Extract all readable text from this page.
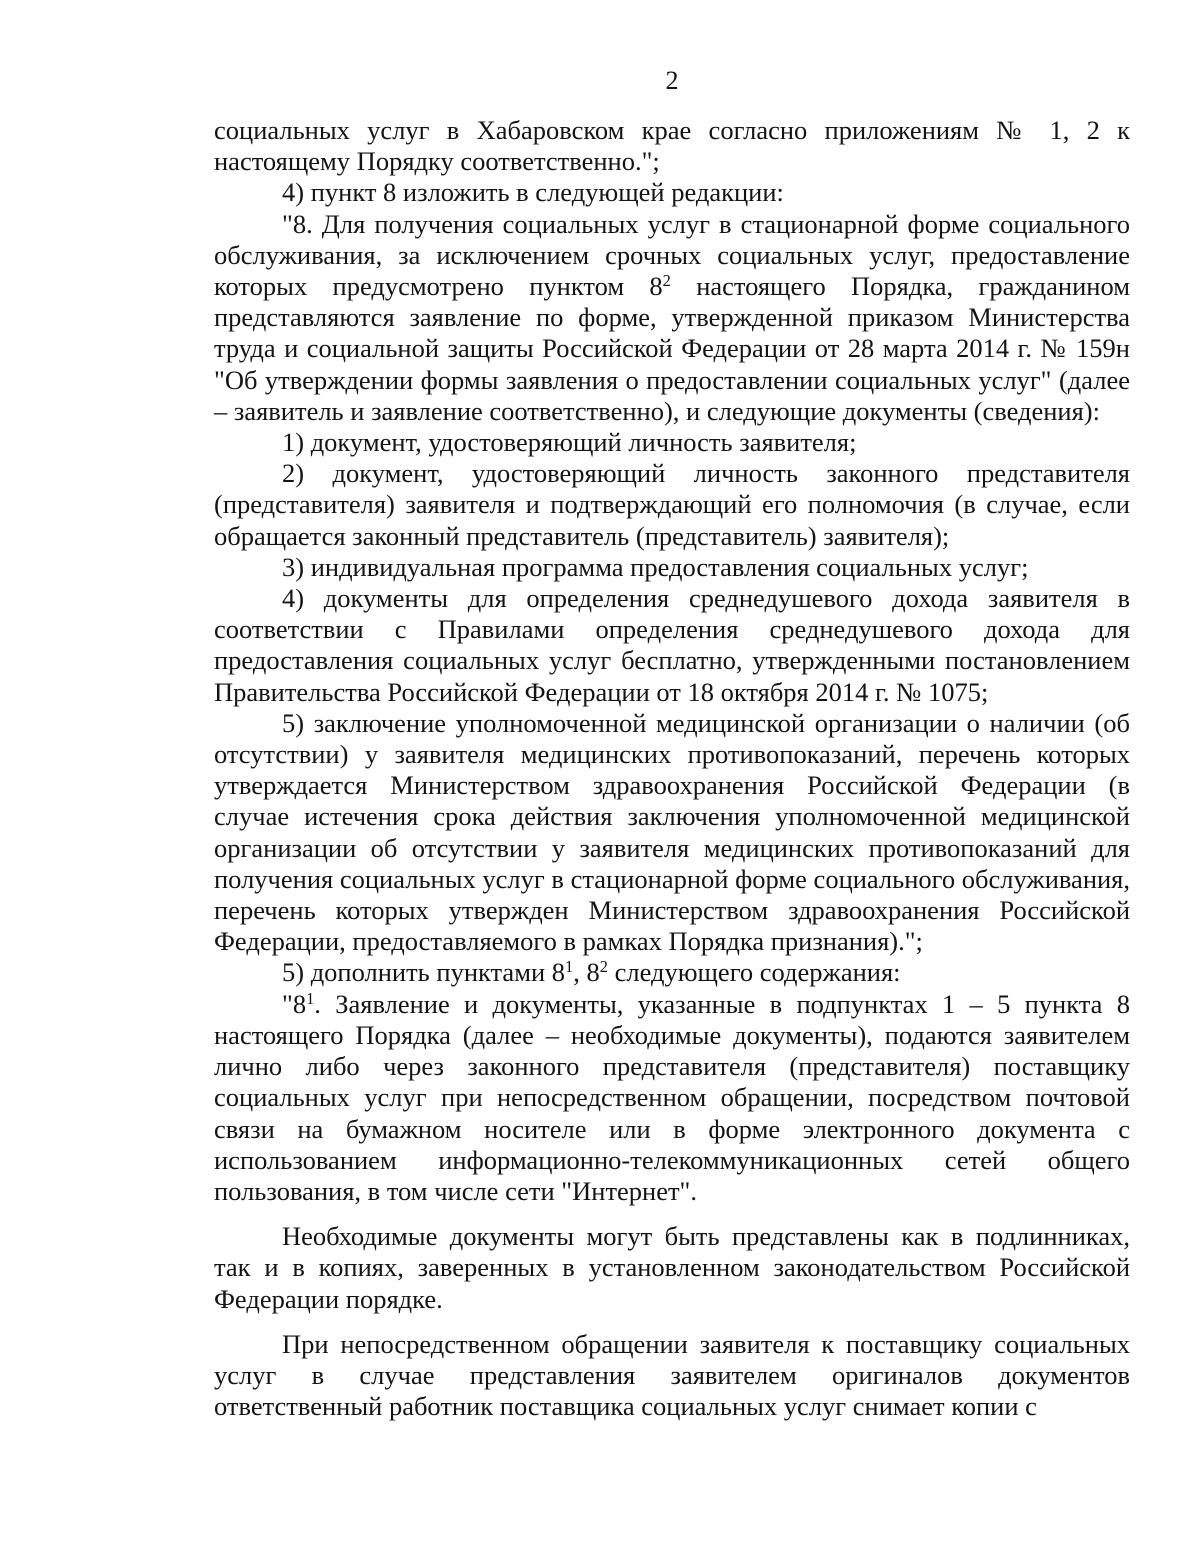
2

социальных услуг в Хабаровском крае согласно приложениям № 1, 2 к настоящему Порядку соответственно.";

4) пункт 8 изложить в следующей редакции:

"8. Для получения социальных услуг в стационарной форме социального обслуживания, за исключением срочных социальных услуг, предоставление которых предусмотрено пунктом $8^2$ настоящего Порядка, гражданином представляются заявление по форме, утвержденной приказом Министерства труда и социальной защиты Российской Федерации от 28 марта 2014 г. № 159н "Об утверждении формы заявления о предоставлении социальных услуг" (далее – заявитель и заявление соответственно), и следующие документы (сведения):

1) документ, удостоверяющий личность заявителя;

2) документ, удостоверяющий личность законного представителя (представителя) заявителя и подтверждающий его полномочия (в случае, если обращается законный представитель (представитель) заявителя);

3) индивидуальная программа предоставления социальных услуг;

4) документы для определения среднедушевого дохода заявителя в соответствии с Правилами определения среднедушевого дохода для предоставления социальных услуг бесплатно, утвержденными постановлением Правительства Российской Федерации от 18 октября 2014 г. № 1075;

5) заключение уполномоченной медицинской организации о наличии (об отсутствии) у заявителя медицинских противопоказаний, перечень которых утверждается Министерством здравоохранения Российской Федерации (в случае истечения срока действия заключения уполномоченной медицинской организации об отсутствии у заявителя медицинских противопоказаний для получения социальных услуг в стационарной форме социального обслуживания, перечень которых утвержден Министерством здравоохранения Российской Федерации, предоставляемого в рамках Порядка признания).";

5) дополнить пунктами $8^1$, $8^2$ следующего содержания:

"$8^1$. Заявление и документы, указанные в подпунктах 1 – 5 пункта 8 настоящего Порядка (далее – необходимые документы), подаются заявителем лично либо через законного представителя (представителя) поставщику социальных услуг при непосредственном обращении, посредством почтовой связи на бумажном носителе или в форме электронного документа с использованием информационно-телекоммуникационных сетей общего пользования, в том числе сети "Интернет".

Необходимые документы могут быть представлены как в подлинниках, так и в копиях, заверенных в установленном законодательством Российской Федерации порядке.

При непосредственном обращении заявителя к поставщику социальных услуг в случае представления заявителем оригиналов документов ответственный работник поставщика социальных услуг снимает копии с
